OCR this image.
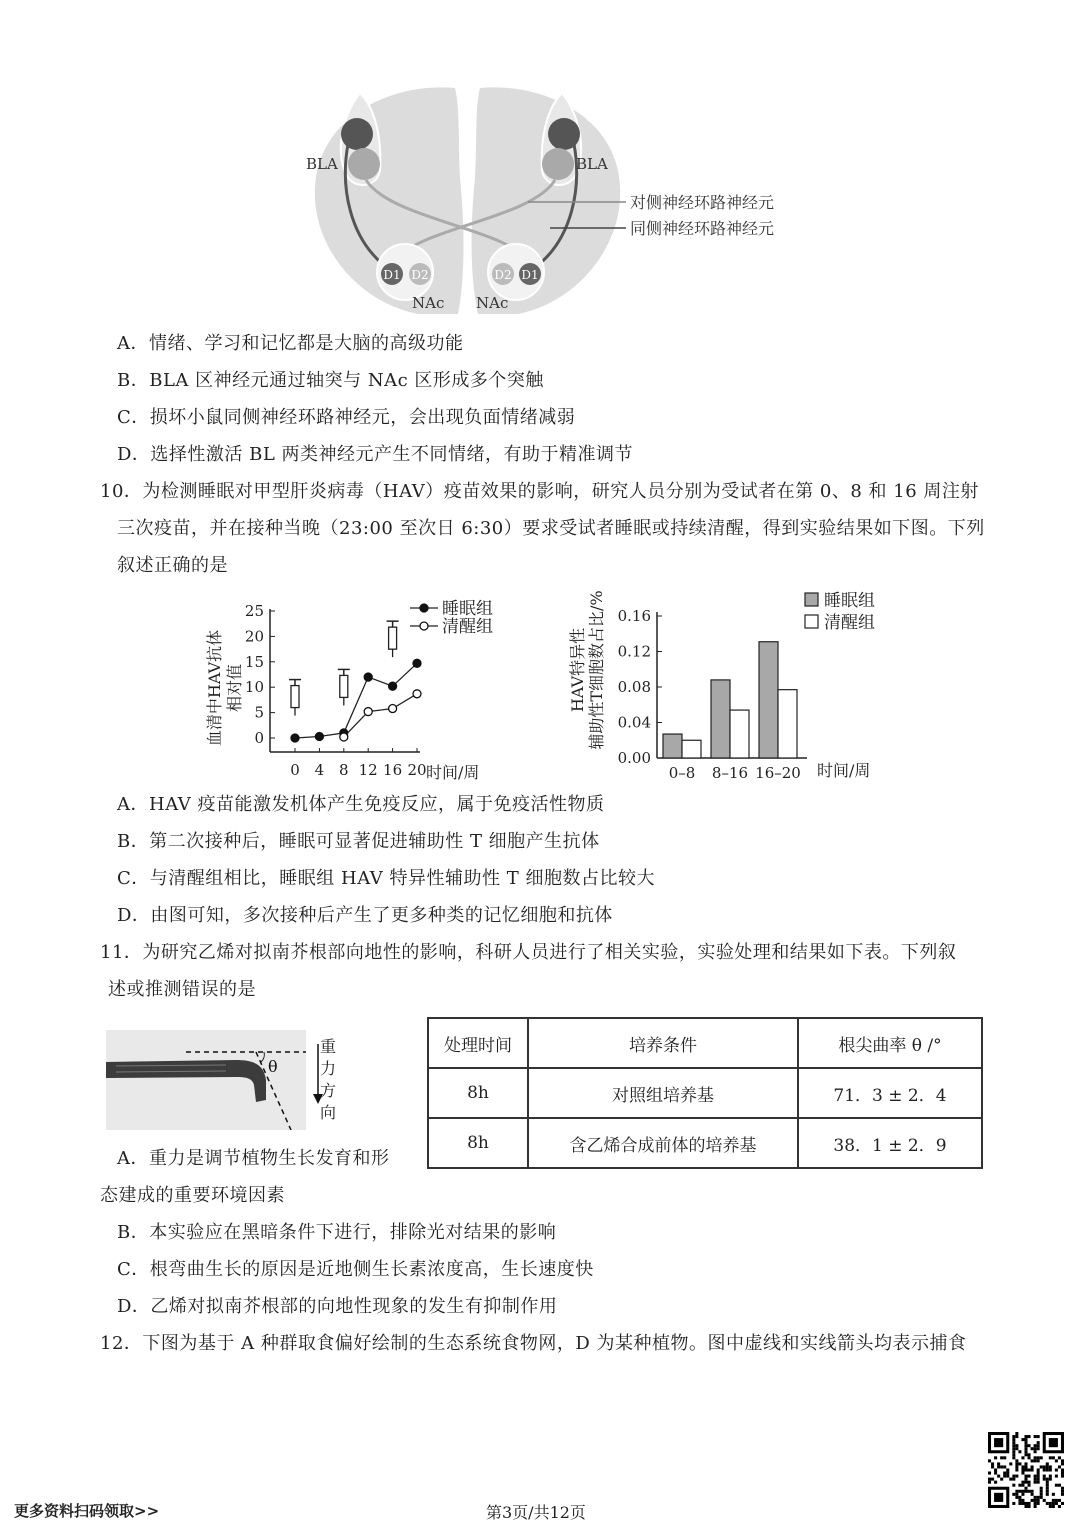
D1 D2	D2 D1
BLA	BLA
NAc NAc
对侧神经环路神经元
同侧神经环路神经元
A．情绪、学习和记忆都是大脑的高级功能
B．BLA 区神经元通过轴突与 NAc 区形成多个突触
C．损坏小鼠同侧神经环路神经元，会出现负面情绪减弱
D．选择性激活 BL 两类神经元产生不同情绪，有助于精准调节
10．为检测睡眠对甲型肝炎病毒（HAV）疫苗效果的影响，研究人员分别为受试者在第 0、8 和 16 周注射
三次疫苗，并在接种当晚（23:00 至次日 6:30）要求受试者睡眠或持续清醒，得到实验结果如下图。下列
叙述正确的是
血清中HAV抗体 相对值
0
5
10
15
20
25
0 4 8 12 16 20
睡眠组
清醒组
时间/周
HAV特异性 辅助性T细胞数占比/%
0.00
0.04
0.08
0.12
0.16
0–8 8–16 16–20
睡眠组
清醒组
时间/周
A．HAV 疫苗能激发机体产生免疫反应，属于免疫活性物质
B．第二次接种后，睡眠可显著促进辅助性 T 细胞产生抗体
C．与清醒组相比，睡眠组 HAV 特异性辅助性 T 细胞数占比较大
D．由图可知，多次接种后产生了更多种类的记忆细胞和抗体
11．为研究乙烯对拟南芥根部向地性的影响，科研人员进行了相关实验，实验处理和结果如下表。下列叙
述或推测错误的是
θ
重
力
方
向
处理时间	培养条件	根尖曲率 θ /°
8h	对照组培养基	71．3 ± 2．4
8h	含乙烯合成前体的培养基	38．1 ± 2．9
A．重力是调节植物生长发育和形
态建成的重要环境因素
B．本实验应在黑暗条件下进行，排除光对结果的影响
C．根弯曲生长的原因是近地侧生长素浓度高，生长速度快
D．乙烯对拟南芥根部的向地性现象的发生有抑制作用
12．下图为基于 A 种群取食偏好绘制的生态系统食物网，D 为某种植物。图中虚线和实线箭头均表示捕食
更多资料扫码领取>>	第3页/共12页
